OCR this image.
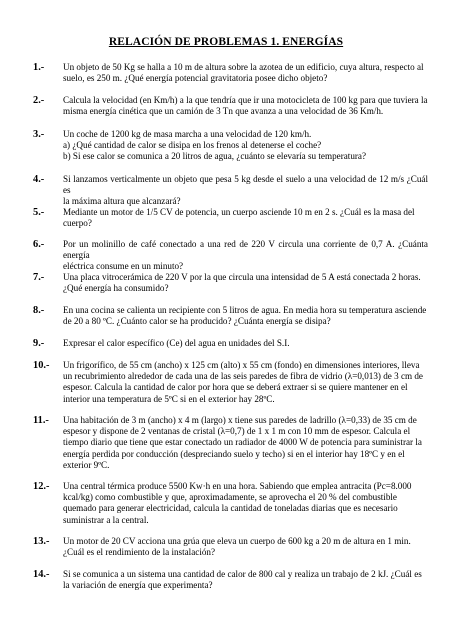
RELACIÓN DE PROBLEMAS 1. ENERGÍAS
1.- Un objeto de 50 Kg se halla a 10 m de altura sobre la azotea de un edificio, cuya altura, respecto al
suelo, es 250 m. ¿Qué energía potencial gravitatoria posee dicho objeto?
2.- Calcula la velocidad (en Km/h) a la que tendría que ir una motocicleta de 100 kg para que tuviera la
misma energía cinética que un camión de 3 Tn que avanza a una velocidad de 36 Km/h.
3.- Un coche de 1200 kg de masa marcha a una velocidad de 120 km/h.
a) ¿Qué cantidad de calor se disipa en los frenos al detenerse el coche?
b) Si ese calor se comunica a 20 litros de agua, ¿cuánto se elevaría su temperatura?
4.- Si lanzamos verticalmente un objeto que pesa 5 kg desde el suelo a una velocidad de 12 m/s ¿Cuál es
la máxima altura que alcanzará?
5.- Mediante un motor de 1/5 CV de potencia, un cuerpo asciende 10 m en 2 s. ¿Cuál es la masa del
cuerpo?
6.- Por un molinillo de café conectado a una red de 220 V circula una corriente de 0,7 A. ¿Cuánta energía
eléctrica consume en un minuto?
7.- Una placa vitrocerámica de 220 V por la que circula una intensidad de 5 A está conectada 2 horas.
¿Qué energía ha consumido?
8.- En una cocina se calienta un recipiente con 5 litros de agua. En media hora su temperatura asciende
de 20 a 80 ºC. ¿Cuánto calor se ha producido? ¿Cuánta energía se disipa?
9.- Expresar el calor específico (Ce) del agua en unidades del S.I.
10.- Un frigorífico, de 55 cm (ancho) x 125 cm (alto) x 55 cm (fondo) en dimensiones interiores, lleva
un recubrimiento alrededor de cada una de las seis paredes de fibra de vidrio (λ=0,013) de 3 cm de
espesor. Calcula la cantidad de calor por hora que se deberá extraer si se quiere mantener en el
interior una temperatura de 5ºC si en el exterior hay 28ºC.
11.- Una habitación de 3 m (ancho) x 4 m (largo) x tiene sus paredes de ladrillo (λ=0,33) de 35 cm de
espesor y dispone de 2 ventanas de cristal (λ=0,7) de 1 x 1 m con 10 mm de espesor. Calcula el
tiempo diario que tiene que estar conectado un radiador de 4000 W de potencia para suministrar la
energía perdida por conducción (despreciando suelo y techo) si en el interior hay 18ºC y en el
exterior 9ºC.
12.- Una central térmica produce 5500 Kw·h en una hora. Sabiendo que emplea antracita (Pc=8.000
kcal/kg) como combustible y que, aproximadamente, se aprovecha el 20 % del combustible
quemado para generar electricidad, calcula la cantidad de toneladas diarias que es necesario
suministrar a la central.
13.- Un motor de 20 CV acciona una grúa que eleva un cuerpo de 600 kg a 20 m de altura en 1 min.
¿Cuál es el rendimiento de la instalación?
14.- Si se comunica a un sistema una cantidad de calor de 800 cal y realiza un trabajo de 2 kJ. ¿Cuál es
la variación de energía que experimenta?
